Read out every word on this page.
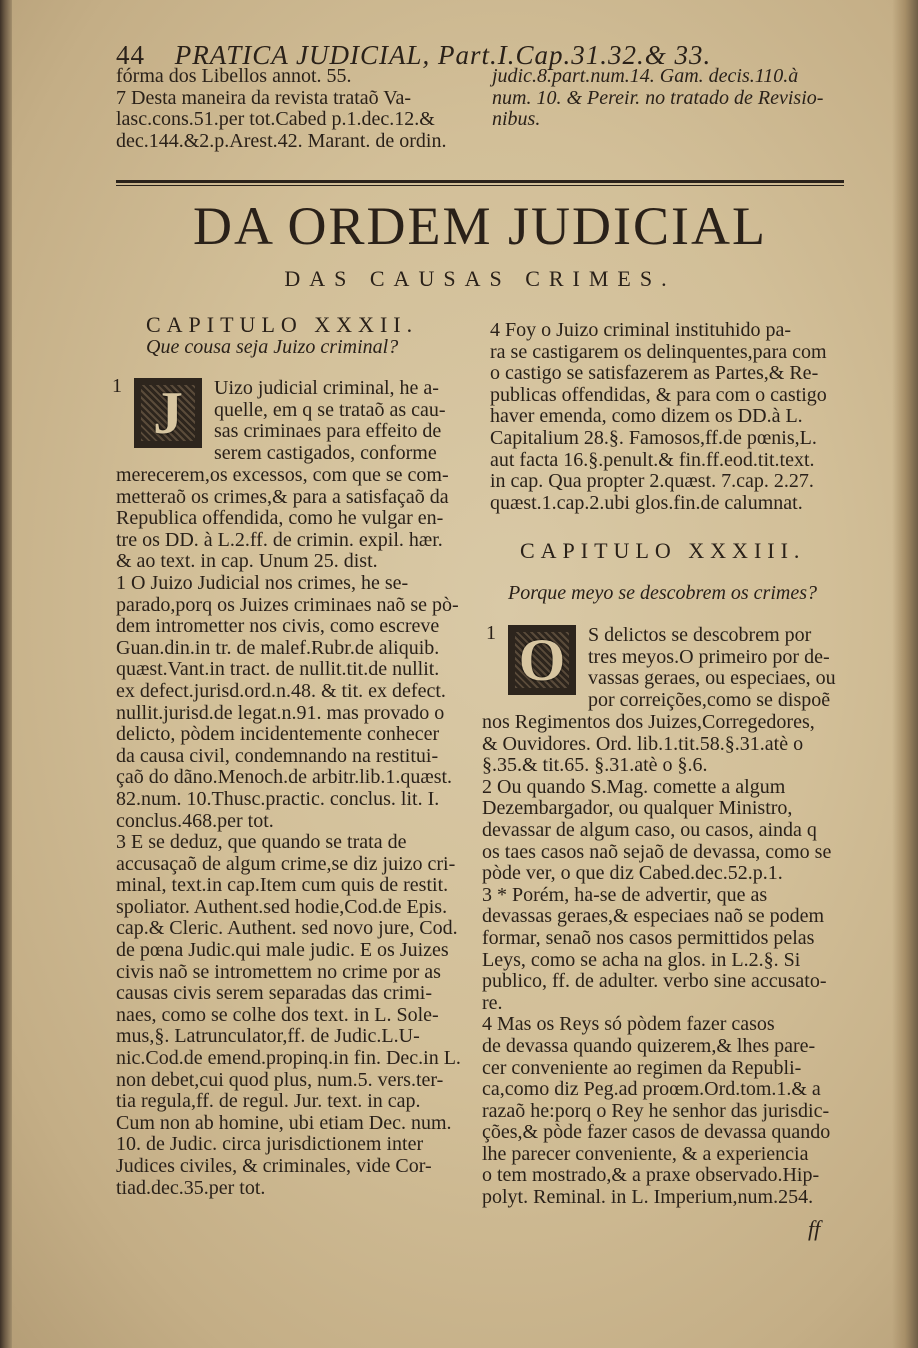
44 PRATICA JUDICIAL, Part.I.Cap.31.32.& 33.

fórma dos Libellos annot. 55.

7 Desta maneira da revista trataõ Va-

lasc.cons.51.per tot.Cabed p.1.dec.12.&

dec.144.&2.p.Arest.42. Marant. de ordin.

judic.8.part.num.14. Gam. decis.110.à

num. 10. & Pereir. no tratado de Revisio-

nibus.

DA ORDEM JUDICIAL
DAS CAUSAS CRIMES.
CAPITULO XXXII.
Que cousa seja Juizo criminal?
1 J Uizo judicial criminal, he a-

quelle, em q se trataõ as cau-

sas criminaes para effeito de

serem castigados, conforme

merecerem,os excessos, com que se com-

metteraõ os crimes,& para a satisfaçaõ da

Republica offendida, como he vulgar en-

tre os DD. à L.2.ff. de crimin. expil. hær.

& ao text. in cap. Unum 25. dist.

1 O Juizo Judicial nos crimes, he se-

parado,porq os Juizes criminaes naõ se pò-

dem intrometter nos civis, como escreve

Guan.din.in tr. de malef.Rubr.de aliquib.

quæst.Vant.in tract. de nullit.tit.de nullit.

ex defect.jurisd.ord.n.48. & tit. ex defect.

nullit.jurisd.de legat.n.91. mas provado o

delicto, pòdem incidentemente conhecer

da causa civil, condemnando na restitui-

çaõ do dãno.Menoch.de arbitr.lib.1.quæst.

82.num. 10.Thusc.practic. conclus. lit. I.

conclus.468.per tot.

3 E se deduz, que quando se trata de

accusaçaõ de algum crime,se diz juizo cri-

minal, text.in cap.Item cum quis de restit.

spoliator. Authent.sed hodie,Cod.de Epis.

cap.& Cleric. Authent. sed novo jure, Cod.

de pœna Judic.qui male judic. E os Juizes

civis naõ se intromettem no crime por as

causas civis serem separadas das crimi-

naes, como se colhe dos text. in L. Sole-

mus,§. Latrunculator,ff. de Judic.L.U-

nic.Cod.de emend.propinq.in fin. Dec.in L.

non debet,cui quod plus, num.5. vers.ter-

tia regula,ff. de regul. Jur. text. in cap.

Cum non ab homine, ubi etiam Dec. num.

10. de Judic. circa jurisdictionem inter

Judices civiles, & criminales, vide Cor-

tiad.dec.35.per tot.

4 Foy o Juizo criminal instituhido pa-

ra se castigarem os delinquentes,para com

o castigo se satisfazerem as Partes,& Re-

publicas offendidas, & para com o castigo

haver emenda, como dizem os DD.à L.

Capitalium 28.§. Famosos,ff.de pœnis,L.

aut facta 16.§.penult.& fin.ff.eod.tit.text.

in cap. Qua propter 2.quæst. 7.cap. 2.27.

quæst.1.cap.2.ubi glos.fin.de calumnat.

CAPITULO XXXIII.
Porque meyo se descobrem os crimes?
1 O S delictos se descobrem por

tres meyos.O primeiro por de-

vassas geraes, ou especiaes, ou

por correições,como se dispoẽ

nos Regimentos dos Juizes,Corregedores,

& Ouvidores. Ord. lib.1.tit.58.§.31.atè o

§.35.& tit.65. §.31.atè o §.6.

2 Ou quando S.Mag. comette a algum

Dezembargador, ou qualquer Ministro,

devassar de algum caso, ou casos, ainda q

os taes casos naõ sejaõ de devassa, como se

pòde ver, o que diz Cabed.dec.52.p.1.

3 * Porém, ha-se de advertir, que as

devassas geraes,& especiaes naõ se podem

formar, senaõ nos casos permittidos pelas

Leys, como se acha na glos. in L.2.§. Si

publico, ff. de adulter. verbo sine accusato-

re.

4 Mas os Reys só pòdem fazer casos

de devassa quando quizerem,& lhes pare-

cer conveniente ao regimen da Republi-

ca,como diz Peg.ad proœm.Ord.tom.1.& a

razaõ he:porq o Rey he senhor das jurisdic-

ções,& pòde fazer casos de devassa quando

lhe parecer conveniente, & a experiencia

o tem mostrado,& a praxe observado.Hip-

polyt. Reminal. in L. Imperium,num.254.

ff
